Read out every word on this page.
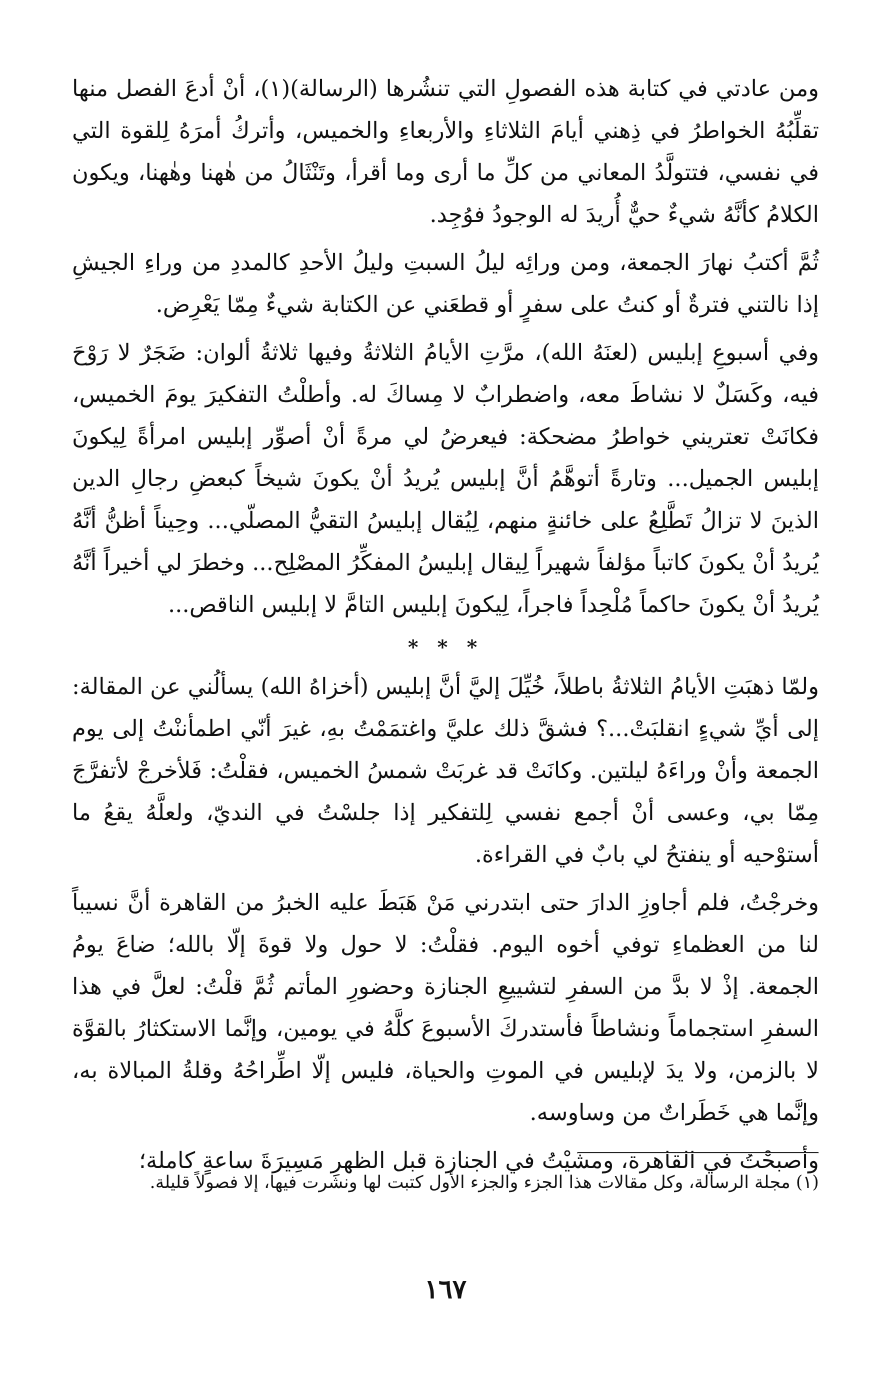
ومن عادتي في كتابة هذه الفصولِ التي تنشُرها (الرسالة)(١)، أنْ أدعَ الفصل منها تقلِّبُهُ الخواطرُ في ذِهني أيامَ الثلاثاءِ والأربعاءِ والخميس، وأتركُ أمرَهُ لِلقوة التي في نفسي، فتتولَّدُ المعاني من كلِّ ما أرى وما أقرأ، وتَنْثَالُ من هٰهنا وهٰهنا، ويكون الكلامُ كأنَّهُ شيءٌ حيٌّ أُريدَ له الوجودُ فوُجِد.

ثُمَّ أكتبُ نهارَ الجمعة، ومن ورائِه ليلُ السبتِ وليلُ الأحدِ كالمددِ من وراءِ الجيشِ إذا نالتني فترةٌ أو كنتُ على سفرٍ أو قطعَني عن الكتابة شيءٌ مِمّا يَعْرِض.

وفي أسبوعِ إبليس (لعنَهُ الله)، مرَّتِ الأيامُ الثلاثةُ وفيها ثلاثةُ ألوان: ضَجَرٌ لا رَوْحَ فيه، وكَسَلٌ لا نشاطَ معه، واضطرابٌ لا مِساكَ له. وأطلْتُ التفكيرَ يومَ الخميس، فكانَتْ تعتريني خواطرُ مضحكة: فيعرضُ لي مرةً أنْ أصوِّر إبليس امرأةً لِيكونَ إبليس الجميل... وتارةً أتوهَّمُ أنَّ إبليس يُريدُ أنْ يكونَ شيخاً كبعضِ رجالِ الدين الذينَ لا تزالُ تَطَّلِعُ على خائنةٍ منهم، لِيُقال إبليسُ التقيُّ المصلّي... وحِيناً أظنُّ أنَّهُ يُريدُ أنْ يكونَ كاتباً مؤلفاً شهيراً لِيقال إبليسُ المفكِّرُ المصْلِح... وخطرَ لي أخيراً أنَّهُ يُريدُ أنْ يكونَ حاكماً مُلْحِداً فاجراً، لِيكونَ إبليس التامَّ لا إبليس الناقص...

* * *

ولمّا ذهبَتِ الأيامُ الثلاثةُ باطلاً، خُيِّلَ إليَّ أنَّ إبليس (أخزاهُ الله) يسألُني عن المقالة: إلى أيِّ شيءٍ انقلبَتْ...؟ فشقَّ ذلك عليَّ واغتمَمْتُ بهِ، غيرَ أنّي اطمأننْتُ إلى يوم الجمعة وأنْ وراءَهُ ليلتين. وكانَتْ قد غربَتْ شمسُ الخميس، فقلْتُ: فَلأخرجْ لأتفرَّجَ مِمّا بي، وعسى أنْ أجمع نفسي لِلتفكير إذا جلسْتُ في النديّ، ولعلَّهُ يقعُ ما أستوْحيه أو ينفتحُ لي بابٌ في القراءة.

وخرجْتُ، فلم أجاوزِ الدارَ حتى ابتدرني مَنْ هَبَطَ عليه الخبرُ من القاهرة أنَّ نسيباً لنا من العظماءِ توفي أخوه اليوم. فقلْتُ: لا حول ولا قوةَ إلّا بالله؛ ضاعَ يومُ الجمعة. إذْ لا بدَّ من السفرِ لتشييعِ الجنازة وحضورِ المأتم ثُمَّ قلْتُ: لعلَّ في هذا السفرِ استجماماً ونشاطاً فأستدركَ الأسبوعَ كلَّهُ في يومين، وإنَّما الاستكثارُ بالقوَّة لا بالزمن، ولا يدَ لإبليس في الموتِ والحياة، فليس إلّا اطِّراحُهُ وقلةُ المبالاة به، وإنَّما هي خَطَراتٌ من وساوسه.

وأصبحْتُ في القاهرة، ومشيْتُ في الجنازة قبل الظهرِ مَسِيرَةَ ساعةٍ كاملة؛

(١) مجلة الرسالة، وكل مقالات هذا الجزء والجزء الأول كتبت لها ونشرت فيها، إلا فصولاً قليلة.

١٦٧
